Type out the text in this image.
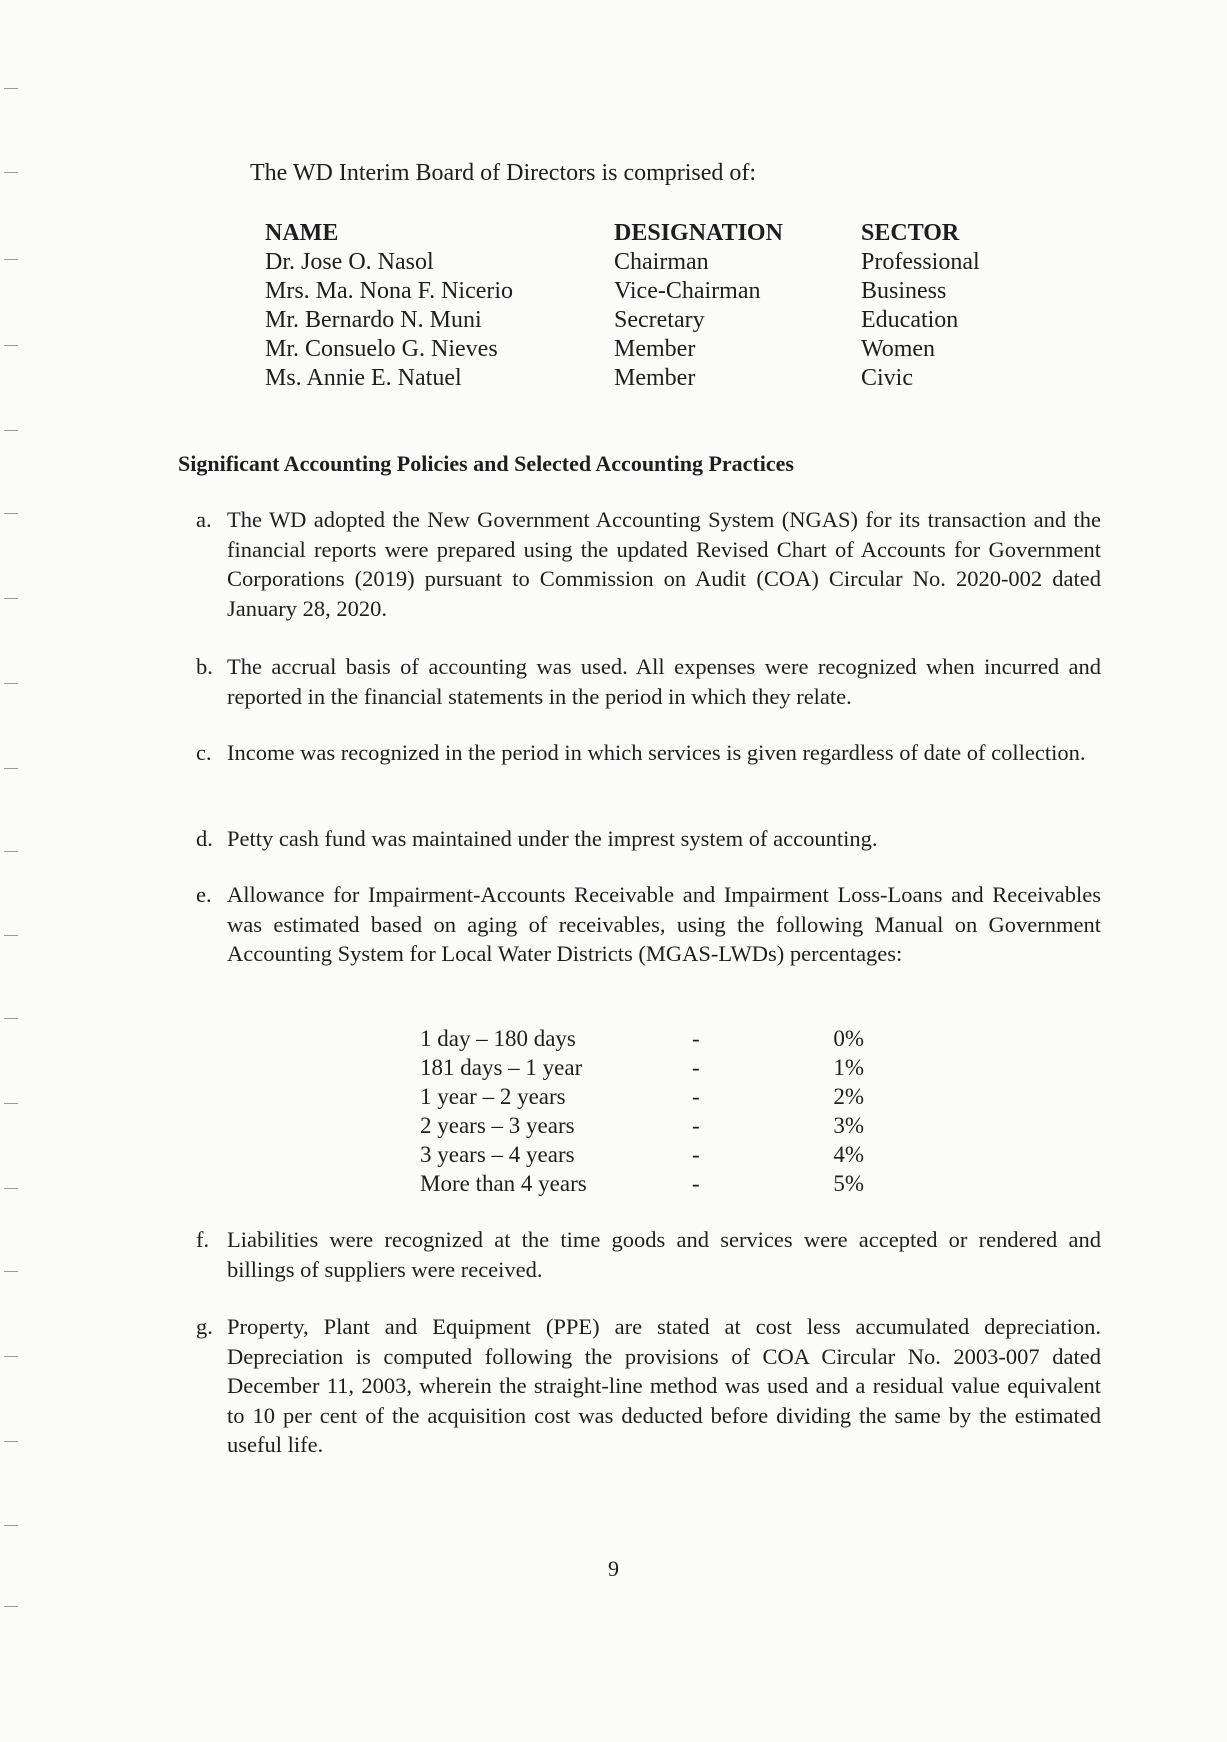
The WD Interim Board of Directors is comprised of:
NAME	DESIGNATION	SECTOR
Dr. Jose O. Nasol	Chairman	Professional
Mrs. Ma. Nona F. Nicerio	Vice-Chairman	Business
Mr. Bernardo N. Muni	Secretary	Education
Mr. Consuelo G. Nieves	Member	Women
Ms. Annie E. Natuel	Member	Civic
Significant Accounting Policies and Selected Accounting Practices
a. The WD adopted the New Government Accounting System (NGAS) for its transaction and the financial reports were prepared using the updated Revised Chart of Accounts for Government Corporations (2019) pursuant to Commission on Audit (COA) Circular No. 2020-002 dated January 28, 2020.
b. The accrual basis of accounting was used. All expenses were recognized when incurred and reported in the financial statements in the period in which they relate.
c. Income was recognized in the period in which services is given regardless of date of collection.
d. Petty cash fund was maintained under the imprest system of accounting.
e. Allowance for Impairment-Accounts Receivable and Impairment Loss-Loans and Receivables was estimated based on aging of receivables, using the following Manual on Government Accounting System for Local Water Districts (MGAS-LWDs) percentages:
1 day – 180 days	-	0%
181 days – 1 year	-	1%
1 year – 2 years	-	2%
2 years – 3 years	-	3%
3 years – 4 years	-	4%
More than 4 years	-	5%
f. Liabilities were recognized at the time goods and services were accepted or rendered and billings of suppliers were received.
g. Property, Plant and Equipment (PPE) are stated at cost less accumulated depreciation. Depreciation is computed following the provisions of COA Circular No. 2003-007 dated December 11, 2003, wherein the straight-line method was used and a residual value equivalent to 10 per cent of the acquisition cost was deducted before dividing the same by the estimated useful life.
9
